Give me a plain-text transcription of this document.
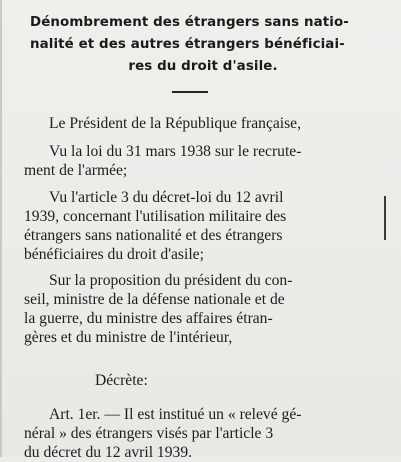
Dénombrement des étrangers sans natio-
nalité et des autres étrangers bénéficiai-
res du droit d'asile.
Le Président de la République française,
Vu la loi du 31 mars 1938 sur le recrute-
ment de l'armée;
Vu l'article 3 du décret-loi du 12 avril
1939, concernant l'utilisation militaire des
étrangers sans nationalité et des étrangers
bénéficiaires du droit d'asile;
Sur la proposition du président du con-
seil, ministre de la défense nationale et de
la guerre, du ministre des affaires étran-
gères et du ministre de l'intérieur,
Décrète:
Art. 1er. — Il est institué un « relevé gé-
néral » des étrangers visés par l'article 3
du décret du 12 avril 1939.
